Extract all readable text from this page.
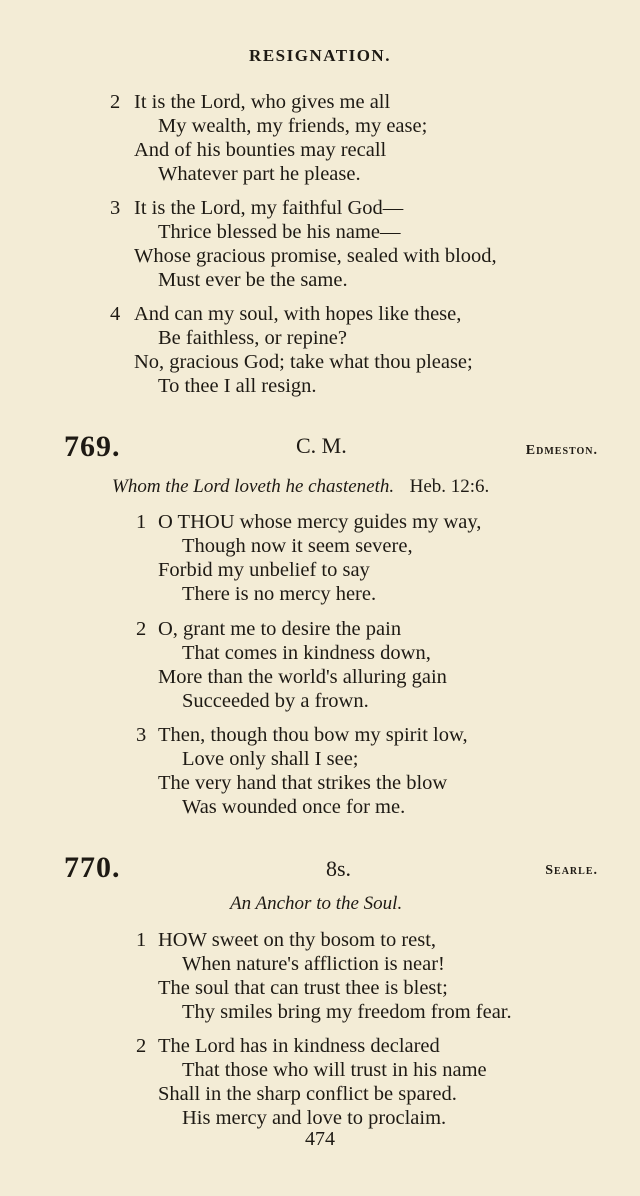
RESIGNATION.
2 It is the Lord, who gives me all
My wealth, my friends, my ease;
And of his bounties may recall
Whatever part he please.
3 It is the Lord, my faithful God—
Thrice blessed be his name—
Whose gracious promise, sealed with blood,
Must ever be the same.
4 And can my soul, with hopes like these,
Be faithless, or repine?
No, gracious God; take what thou please;
To thee I all resign.
769.	C. M.	Edmeston.
Whom the Lord loveth he chasteneth. Heb. 12:6.
1 O THOU whose mercy guides my way,
Though now it seem severe,
Forbid my unbelief to say
There is no mercy here.
2 O, grant me to desire the pain
That comes in kindness down,
More than the world's alluring gain
Succeeded by a frown.
3 Then, though thou bow my spirit low,
Love only shall I see;
The very hand that strikes the blow
Was wounded once for me.
770.	8s.	Searle.
An Anchor to the Soul.
1 HOW sweet on thy bosom to rest,
When nature's affliction is near!
The soul that can trust thee is blest;
Thy smiles bring my freedom from fear.
2 The Lord has in kindness declared
That those who will trust in his name
Shall in the sharp conflict be spared.
His mercy and love to proclaim.
474
